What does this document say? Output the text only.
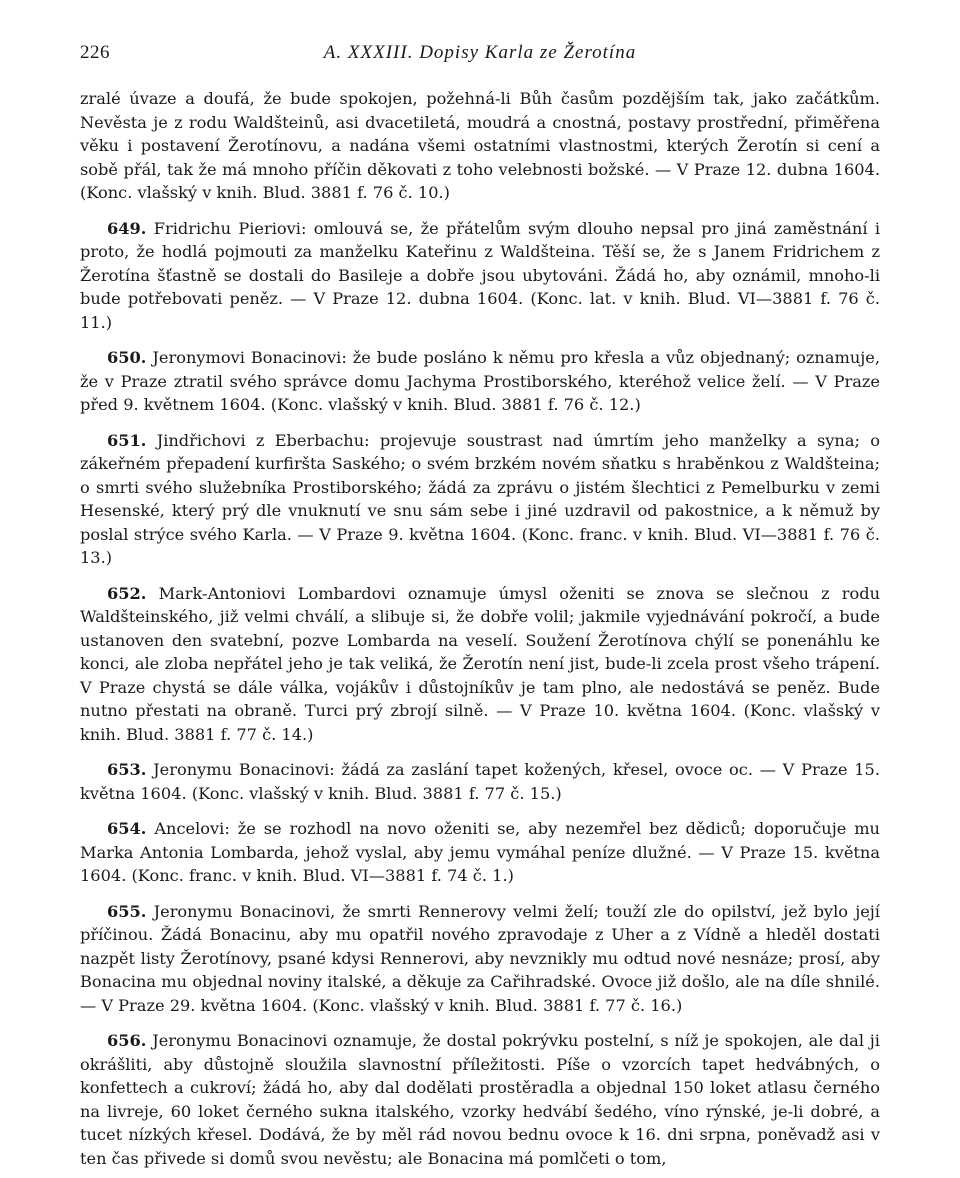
226	A. XXXIII. Dopisy Karla ze Žerotína

zralé úvaze a doufá, že bude spokojen, požehná-li Bůh časům pozdějším tak, jako začátkům. Nevěsta je z rodu Waldšteinů, asi dvacetiletá, moudrá a cnostná, postavy prostřední, přiměřena věku i postavení Žerotínovu, a nadána všemi ostatními vlastnostmi, kterých Žerotín si cení a sobě přál, tak že má mnoho příčin děkovati z toho velebnosti božské. — V Praze 12. dubna 1604. (Konc. vlašský v knih. Blud. 3881 f. 76 č. 10.)

649. Fridrichu Pieriovi: omlouvá se, že přátelům svým dlouho nepsal pro jiná zaměstnání i proto, že hodlá pojmouti za manželku Kateřinu z Waldšteina. Těší se, že s Janem Fridrichem z Žerotína šťastně se dostali do Basileje a dobře jsou ubytováni. Žádá ho, aby oznámil, mnoho-li bude potřebovati peněz. — V Praze 12. dubna 1604. (Konc. lat. v knih. Blud. VI—3881 f. 76 č. 11.)

650. Jeronymovi Bonacinovi: že bude posláno k němu pro křesla a vůz objednaný; oznamuje, že v Praze ztratil svého správce domu Jachyma Prostiborského, kteréhož velice želí. — V Praze před 9. květnem 1604. (Konc. vlašský v knih. Blud. 3881 f. 76 č. 12.)

651. Jindřichovi z Eberbachu: projevuje soustrast nad úmrtím jeho manželky a syna; o zákeřném přepadení kurfiršta Saského; o svém brzkém novém sňatku s hraběnkou z Waldšteina; o smrti svého služebníka Prostiborského; žádá za zprávu o jistém šlechtici z Pemelburku v zemi Hesenské, který prý dle vnuknutí ve snu sám sebe i jiné uzdravil od pakostnice, a k němuž by poslal strýce svého Karla. — V Praze 9. května 1604. (Konc. franc. v knih. Blud. VI—3881 f. 76 č. 13.)

652. Mark-Antoniovi Lombardovi oznamuje úmysl oženiti se znova se slečnou z rodu Waldšteinského, již velmi chválí, a slibuje si, že dobře volil; jakmile vyjednávání pokročí, a bude ustanoven den svatební, pozve Lombarda na veselí. Soužení Žerotínova chýlí se ponenáhlu ke konci, ale zloba nepřátel jeho je tak veliká, že Žerotín není jist, bude-li zcela prost všeho trápení. V Praze chystá se dále válka, vojákův i důstojníkův je tam plno, ale nedostává se peněz. Bude nutno přestati na obraně. Turci prý zbrojí silně. — V Praze 10. května 1604. (Konc. vlašský v knih. Blud. 3881 f. 77 č. 14.)

653. Jeronymu Bonacinovi: žádá za zaslání tapet kožených, křesel, ovoce oc. — V Praze 15. května 1604. (Konc. vlašský v knih. Blud. 3881 f. 77 č. 15.)

654. Ancelovi: že se rozhodl na novo oženiti se, aby nezemřel bez dědiců; doporučuje mu Marka Antonia Lombarda, jehož vyslal, aby jemu vymáhal peníze dlužné. — V Praze 15. května 1604. (Konc. franc. v knih. Blud. VI—3881 f. 74 č. 1.)

655. Jeronymu Bonacinovi, že smrti Rennerovy velmi želí; touží zle do opilství, jež bylo její příčinou. Žádá Bonacinu, aby mu opatřil nového zpravodaje z Uher a z Vídně a hleděl dostati nazpět listy Žerotínovy, psané kdysi Rennerovi, aby nevznikly mu odtud nové nesnáze; prosí, aby Bonacina mu objednal noviny italské, a děkuje za Cařihradské. Ovoce již došlo, ale na díle shnilé. — V Praze 29. května 1604. (Konc. vlašský v knih. Blud. 3881 f. 77 č. 16.)

656. Jeronymu Bonacinovi oznamuje, že dostal pokrývku postelní, s níž je spokojen, ale dal ji okrášliti, aby důstojně sloužila slavnostní příležitosti. Píše o vzorcích tapet hedvábných, o konfettech a cukroví; žádá ho, aby dal dodělati prostěradla a objednal 150 loket atlasu černého na livreje, 60 loket černého sukna italského, vzorky hedvábí šedého, víno rýnské, je-li dobré, a tucet nízkých křesel. Dodává, že by měl rád novou bednu ovoce k 16. dni srpna, poněvadž asi v ten čas přivede si domů svou nevěstu; ale Bonacina má pomlčeti o tom,
